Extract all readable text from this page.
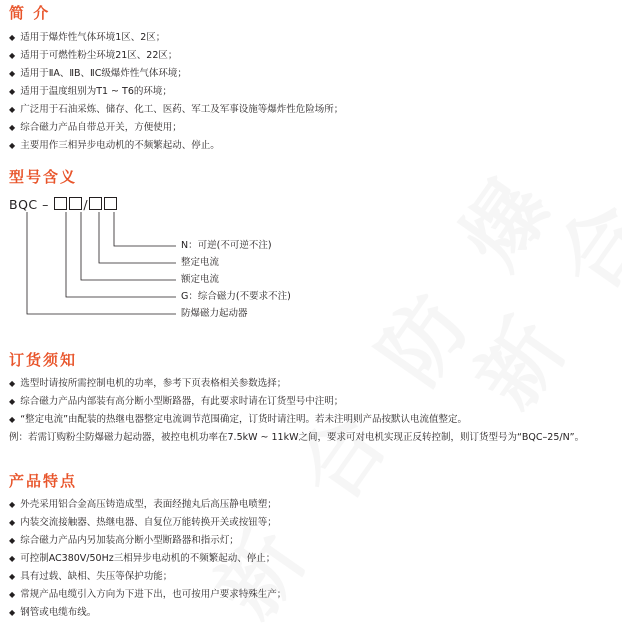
简 介
◆ 适用于爆炸性气体环境1区、2区；
◆ 适用于可燃性粉尘环境21区、22区；
◆ 适用于ⅡA、ⅡB、ⅡC级爆炸性气体环境；
◆ 适用于温度组别为T1 ~ T6的环境；
◆ 广泛用于石油采炼、储存、化工、医药、军工及军事设施等爆炸性危险场所；
◆ 综合磁力产品自带总开关，方便使用；
◆ 主要用作三相异步电动机的不频繁起动、停止。
型号含义
BQC – /
N：可逆(不可逆不注)
整定电流
额定电流
G：综合磁力(不要求不注)
防爆磁力起动器
订货须知
◆ 选型时请按所需控制电机的功率，参考下页表格相关参数选择；
◆ 综合磁力产品内部装有高分断小型断路器，有此要求时请在订货型号中注明；
◆ “整定电流”由配装的热继电器整定电流调节范围确定，订货时请注明。若未注明则产品按默认电流值整定。
例：若需订购粉尘防爆磁力起动器，被控电机功率在7.5kW ~ 11kW之间，要求可对电机实现正反转控制，则订货型号为“BQC–25/N”。
产品特点
◆ 外壳采用铝合金高压铸造成型，表面经抛丸后高压静电喷塑；
◆ 内装交流接触器、热继电器、自复位万能转换开关或按钮等；
◆ 综合磁力产品内另加装高分断小型断路器和指示灯；
◆ 可控制AC380V/50Hz三相异步电动机的不频繁起动、停止；
◆ 具有过载、缺相、失压等保护功能；
◆ 常规产品电缆引入方向为下进下出，也可按用户要求特殊生产；
◆ 钢管或电缆布线。
